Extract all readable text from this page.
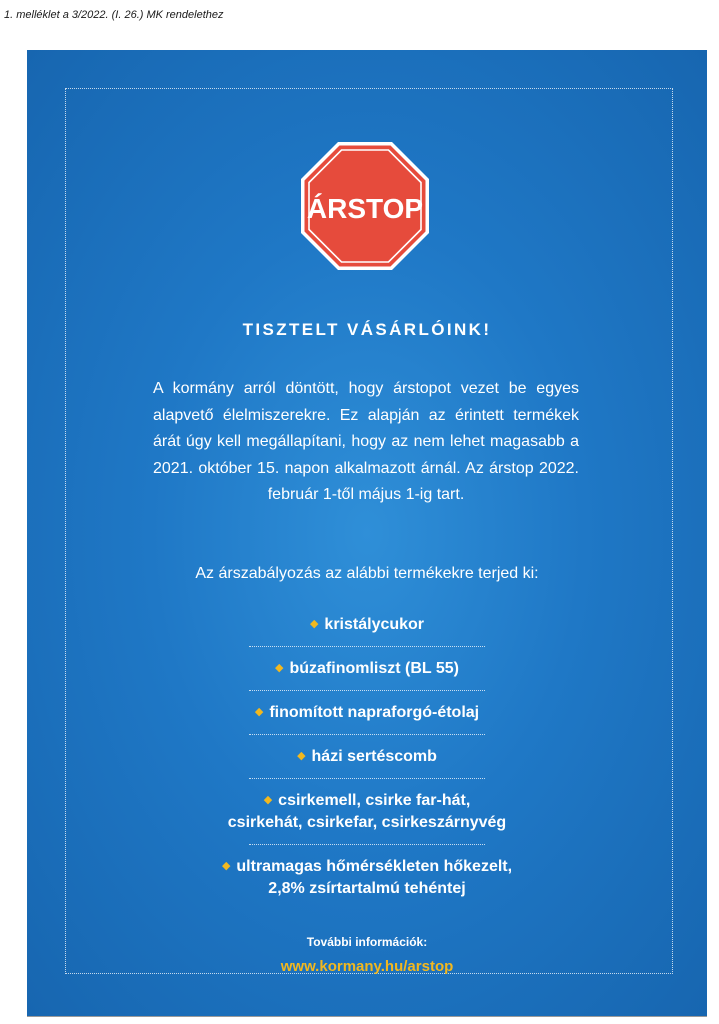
1. melléklet a 3/2022. (I. 26.) MK rendelethez
ÁRSTOP
TISZTELT VÁSÁRLÓINK!
A kormány arról döntött, hogy árstopot vezet be egyes alapvető élelmiszerekre. Ez alapján az érintett termékek árát úgy kell megállapítani, hogy az nem lehet magasabb a 2021. október 15. napon alkalmazott árnál. Az árstop 2022. február 1-től május 1-ig tart.
Az árszabályozás az alábbi termékekre terjed ki:
◆ kristálycukor
◆ búzafinomliszt (BL 55)
◆ finomított napraforgó-étolaj
◆ házi sertéscomb
◆ csirkemell, csirke far-hát,
csirkehát, csirkefar, csirkeszárnyvég
◆ ultramagas hőmérsékleten hőkezelt,
2,8% zsírtartalmú tehéntej
További információk:
www.kormany.hu/arstop
